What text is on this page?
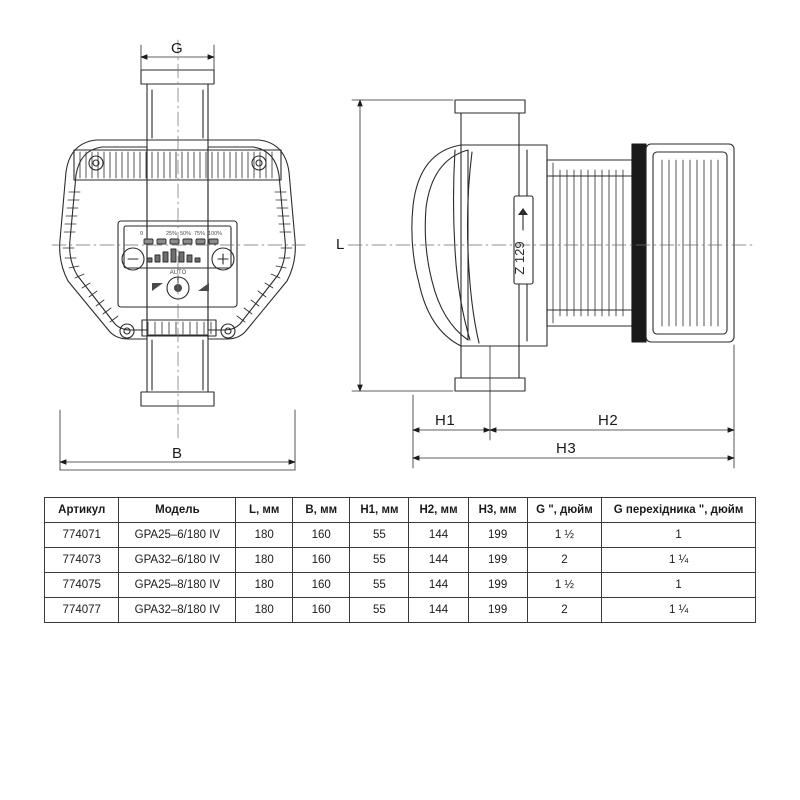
Z 129
0	25% 50% 75% 100%
AUTO
G
B
L
H1	H2
H3
Артикул	Модель	L, мм	B, мм	H1, мм	H2, мм	H3, мм	G ʺ, дюйм	G перехідника ʺ, дюйм
774071	GPA25–6/180 IV	180	160	55	144	199	1 ½	1
774073	GPA32–6/180 IV	180	160	55	144	199	2	1 ¼
774075	GPA25–8/180 IV	180	160	55	144	199	1 ½	1
774077	GPA32–8/180 IV	180	160	55	144	199	2	1 ¼
